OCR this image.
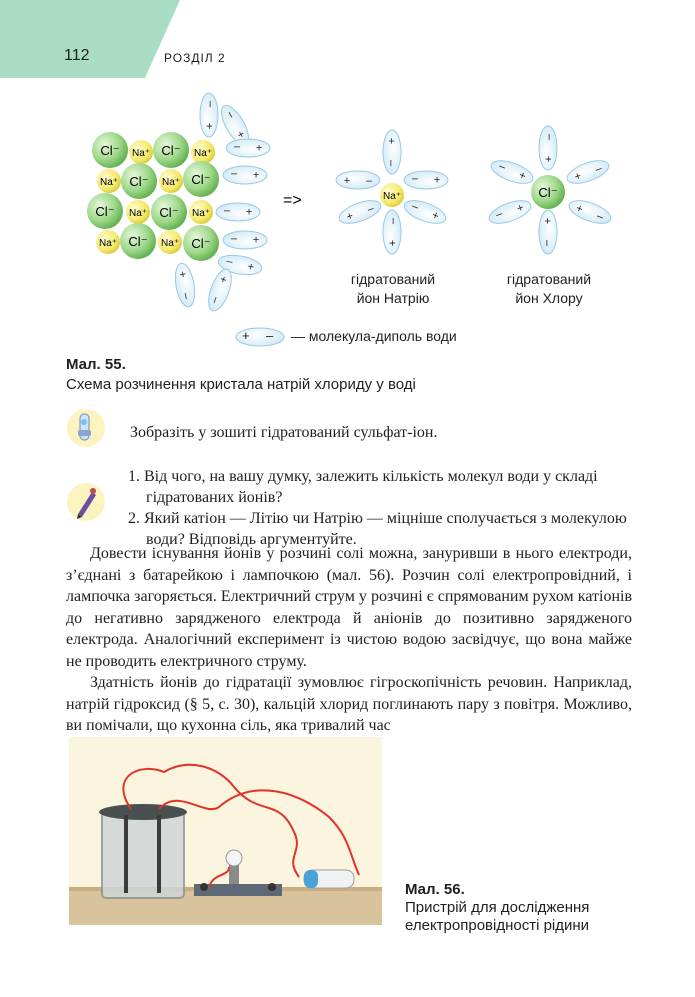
112	РОЗДІЛ 2
–
Cl⁻ Na⁺ Cl⁻ Na⁺
Na⁺ Cl⁻ Na⁺ Cl⁻
Cl⁻ Na⁺ Cl⁻ Na⁺
Na⁺ Cl⁻ Na⁺ Cl⁻
=>	Na⁺	Cl⁻
гідратований
йон Натрію
гідратований
йон Хлору
+ – — молекула-диполь води
Мал. 55.
Схема розчинення кристала натрій хлориду у воді
Зобразіть у зошиті гідратований сульфат-іон.
1. Від чого, на вашу думку, залежить кількість молекул води у складі гідратованих йонів?
2. Який катіон — Літію чи Натрію — міцніше сполучається з молекулою води? Відповідь аргументуйте.

Довести існування йонів у розчині солі можна, зануривши в нього електроди, з’єднані з батарейкою і лампочкою (мал. 56). Розчин солі електропровідний, і лампочка загоряється. Електричний струм у розчині є спрямованим рухом катіонів до негативно зарядженого електрода й аніонів до позитивно зарядженого електрода. Аналогічний експеримент із чистою водою засвідчує, що вона майже не проводить електричного струму.

Здатність йонів до гідратації зумовлює гігроскопічність речовин. Наприклад, натрій гідроксид (§ 5, с. 30), кальцій хлорид поглинають пару з повітря. Можливо, ви помічали, що кухонна сіль, яка тривалий час

Мал. 56.
Пристрій для дослідження
електропровідності рідини
